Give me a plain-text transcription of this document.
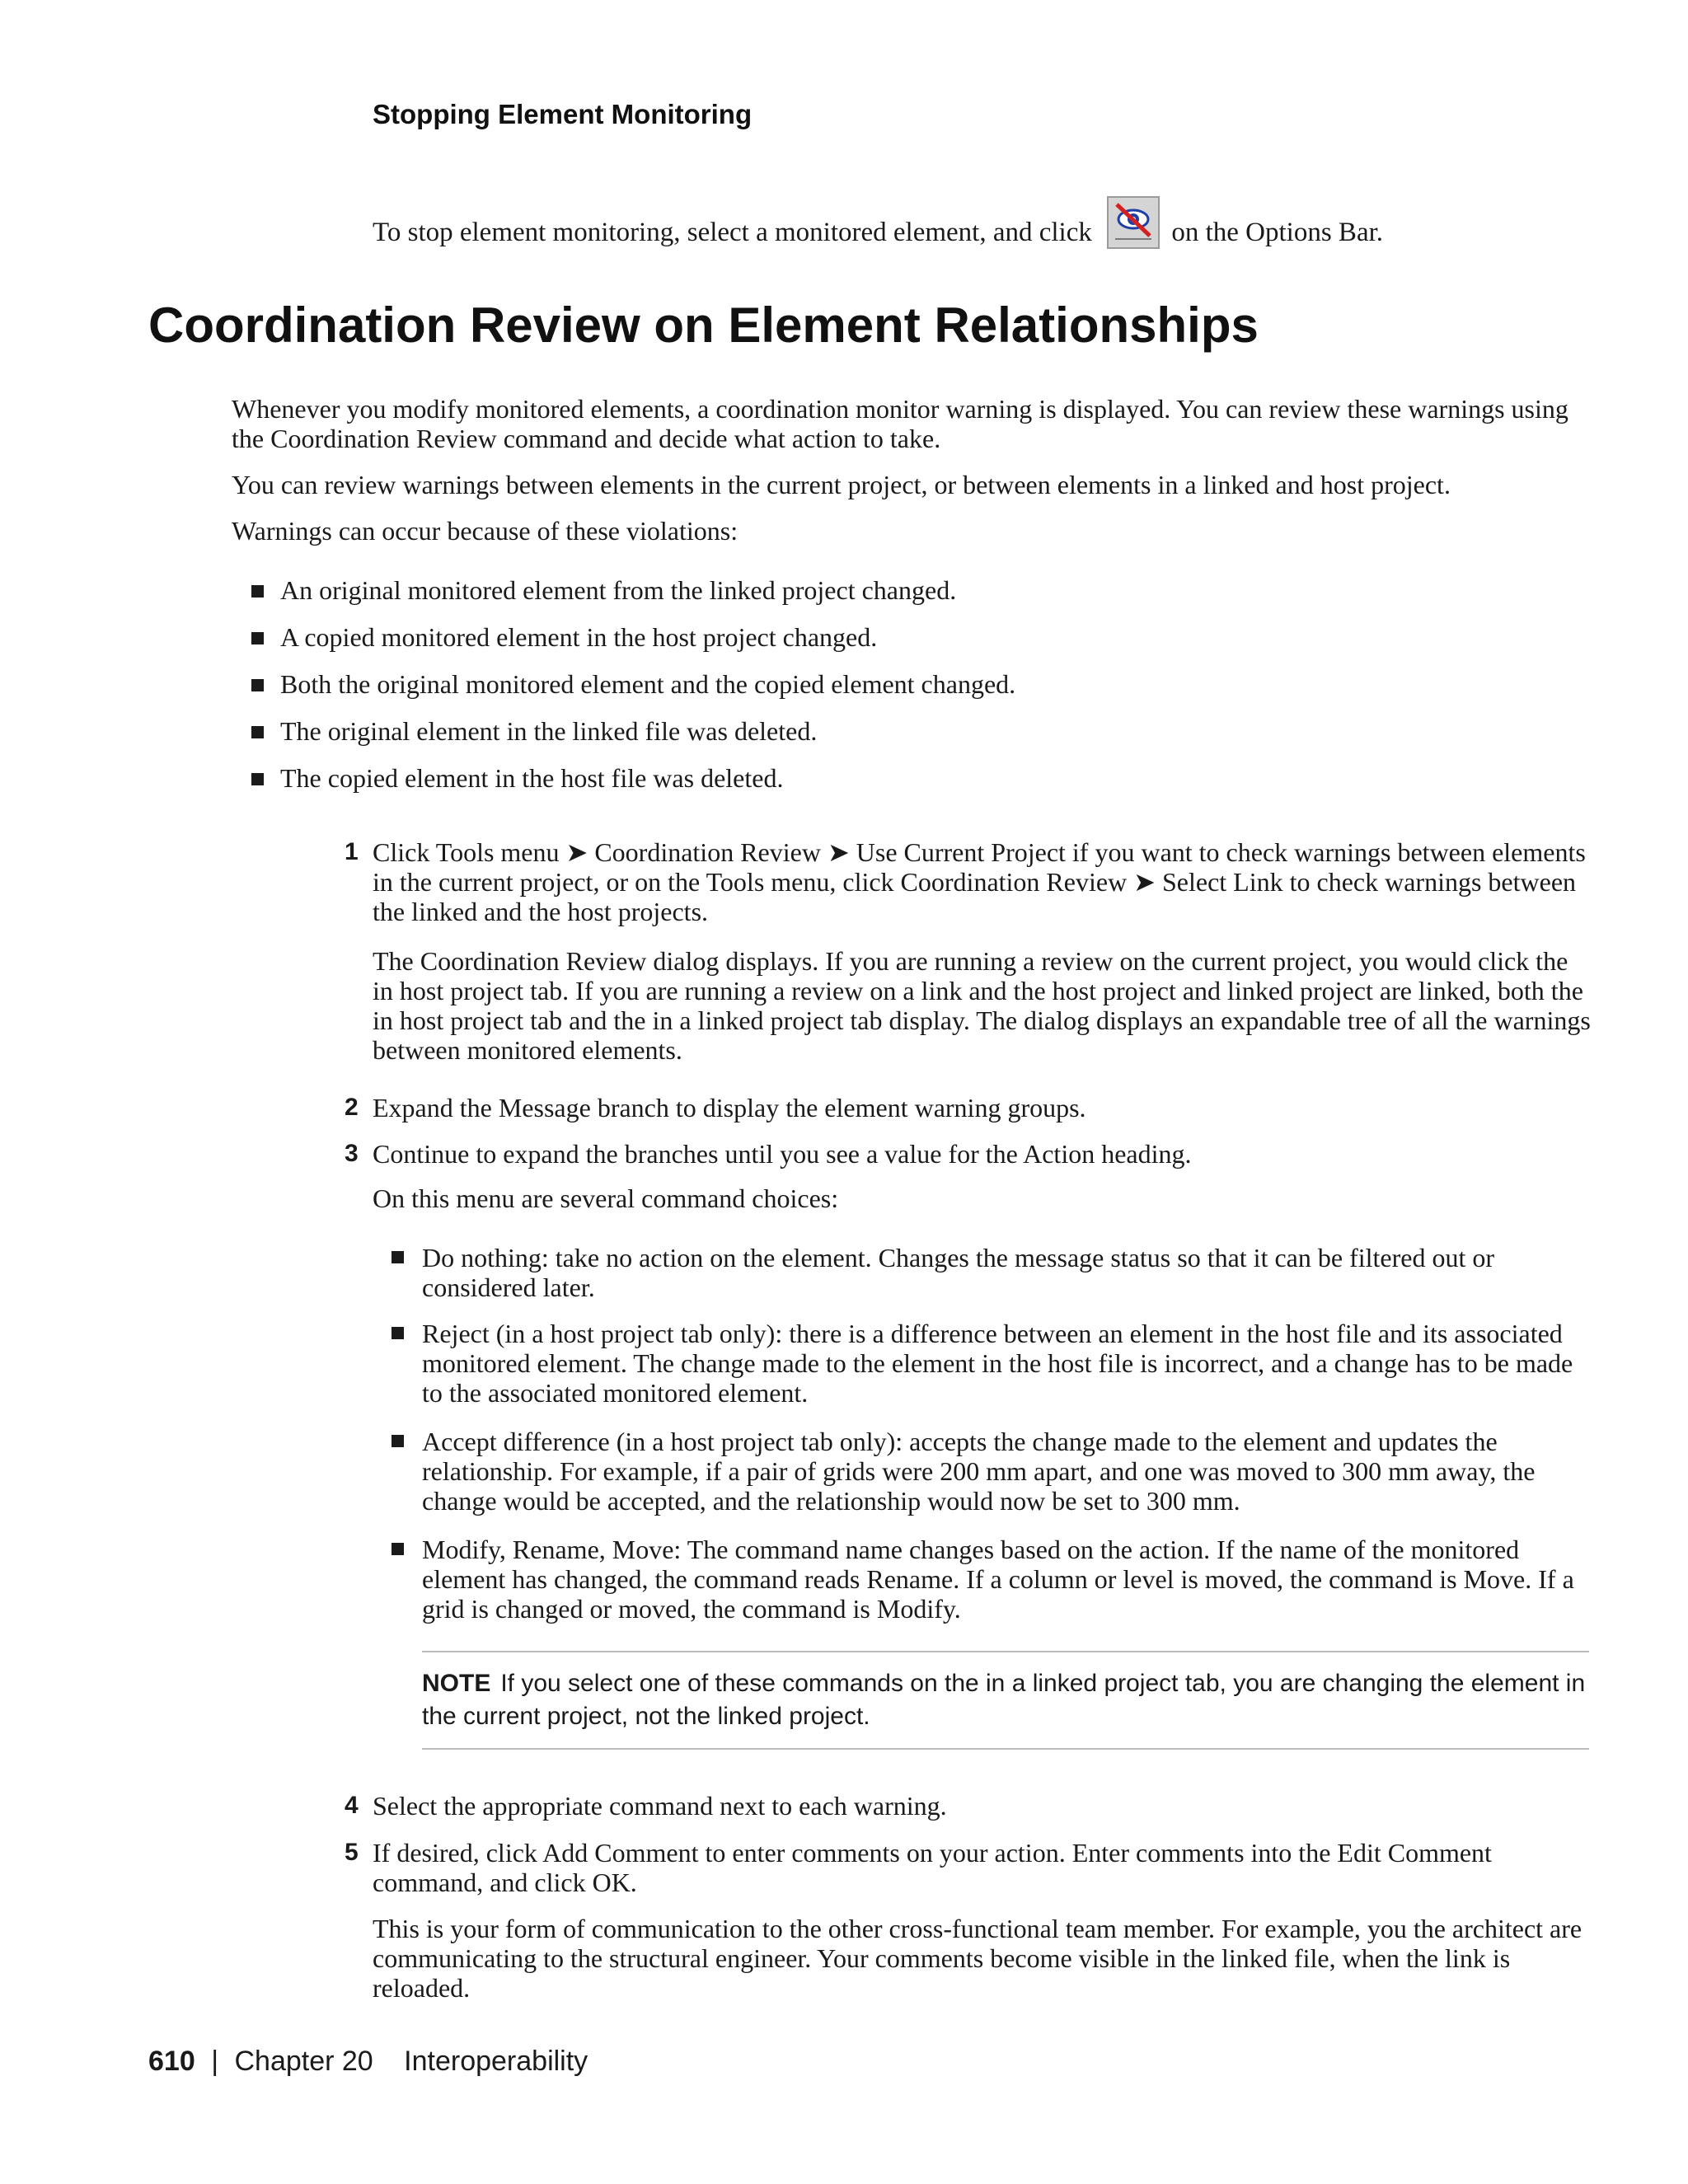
Stopping Element Monitoring
To stop element monitoring, select a monitored element, and click	on the Options Bar.
Coordination Review on Element Relationships

Whenever you modify monitored elements, a coordination monitor warning is displayed. You can review these warnings using the Coordination Review command and decide what action to take.

You can review warnings between elements in the current project, or between elements in a linked and host project.

Warnings can occur because of these violations:

An original monitored element from the linked project changed.
A copied monitored element in the host project changed.
Both the original monitored element and the copied element changed.
The original element in the linked file was deleted.
The copied element in the host file was deleted.
1 Click Tools menu ➤ Coordination Review ➤ Use Current Project if you want to check warnings between elements in the current project, or on the Tools menu, click Coordination Review ➤ Select Link to check warnings between the linked and the host projects.
The Coordination Review dialog displays. If you are running a review on the current project, you would click the in host project tab. If you are running a review on a link and the host project and linked project are linked, both the in host project tab and the in a linked project tab display. The dialog displays an expandable tree of all the warnings between monitored elements.
2 Expand the Message branch to display the element warning groups.
3 Continue to expand the branches until you see a value for the Action heading.
On this menu are several command choices:
Do nothing: take no action on the element. Changes the message status so that it can be filtered out or considered later.
Reject (in a host project tab only): there is a difference between an element in the host file and its associated monitored element. The change made to the element in the host file is incorrect, and a change has to be made to the associated monitored element.
Accept difference (in a host project tab only): accepts the change made to the element and updates the relationship. For example, if a pair of grids were 200 mm apart, and one was moved to 300 mm away, the change would be accepted, and the relationship would now be set to 300 mm.
Modify, Rename, Move: The command name changes based on the action. If the name of the monitored element has changed, the command reads Rename. If a column or level is moved, the command is Move. If a grid is changed or moved, the command is Modify.
NOTE If you select one of these commands on the in a linked project tab, you are changing the element in the current project, not the linked project.
4 Select the appropriate command next to each warning.
5 If desired, click Add Comment to enter comments on your action. Enter comments into the Edit Comment command, and click OK.
This is your form of communication to the other cross-functional team member. For example, you the architect are communicating to the structural engineer. Your comments become visible in the linked file, when the link is reloaded.
610 | Chapter 20 Interoperability
